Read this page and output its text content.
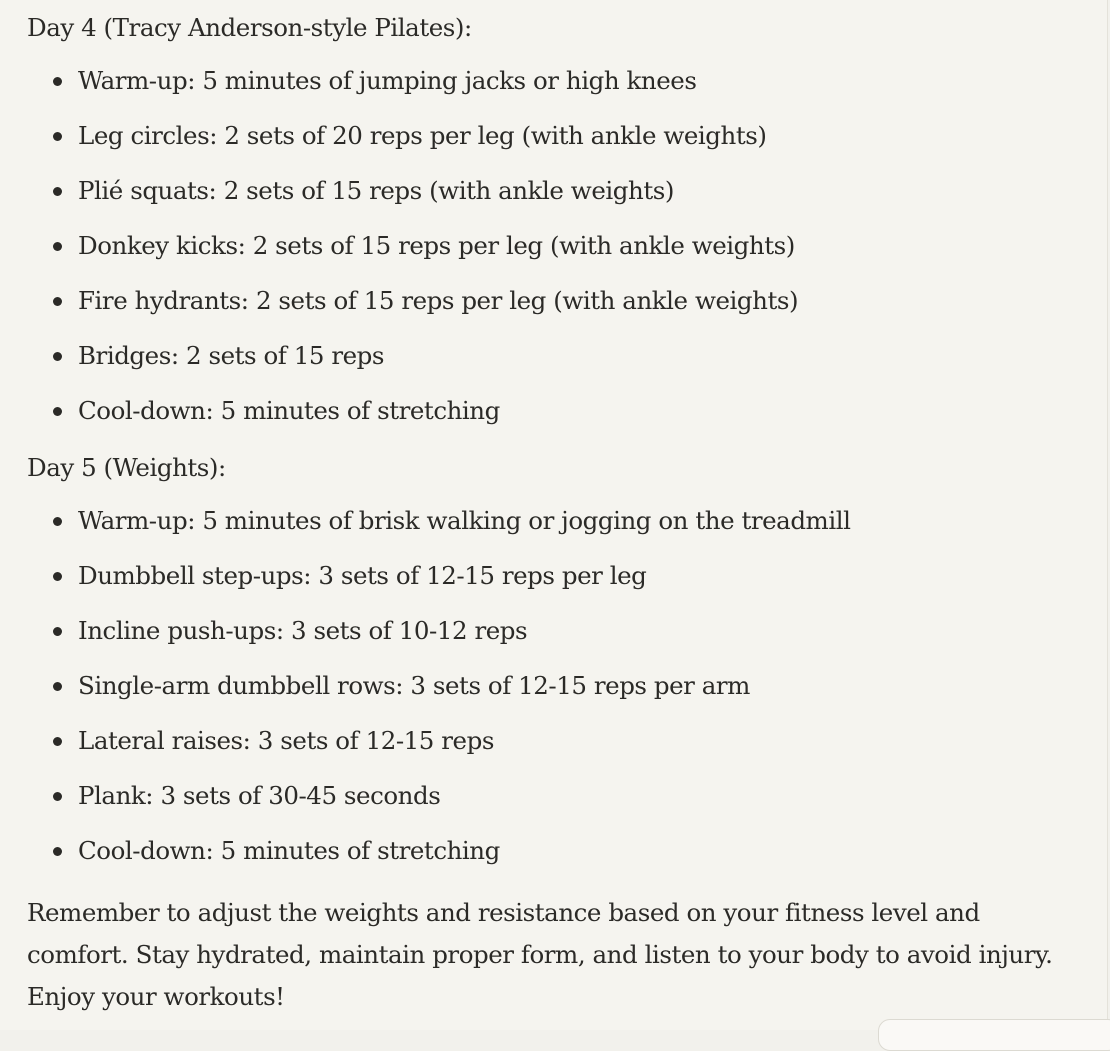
Day 4 (Tracy Anderson-style Pilates):

Warm-up: 5 minutes of jumping jacks or high knees
Leg circles: 2 sets of 20 reps per leg (with ankle weights)
Plié squats: 2 sets of 15 reps (with ankle weights)
Donkey kicks: 2 sets of 15 reps per leg (with ankle weights)
Fire hydrants: 2 sets of 15 reps per leg (with ankle weights)
Bridges: 2 sets of 15 reps
Cool-down: 5 minutes of stretching

Day 5 (Weights):

Warm-up: 5 minutes of brisk walking or jogging on the treadmill
Dumbbell step-ups: 3 sets of 12-15 reps per leg
Incline push-ups: 3 sets of 10-12 reps
Single-arm dumbbell rows: 3 sets of 12-15 reps per arm
Lateral raises: 3 sets of 12-15 reps
Plank: 3 sets of 30-45 seconds
Cool-down: 5 minutes of stretching

Remember to adjust the weights and resistance based on your fitness level and comfort. Stay hydrated, maintain proper form, and listen to your body to avoid injury. Enjoy your workouts!
